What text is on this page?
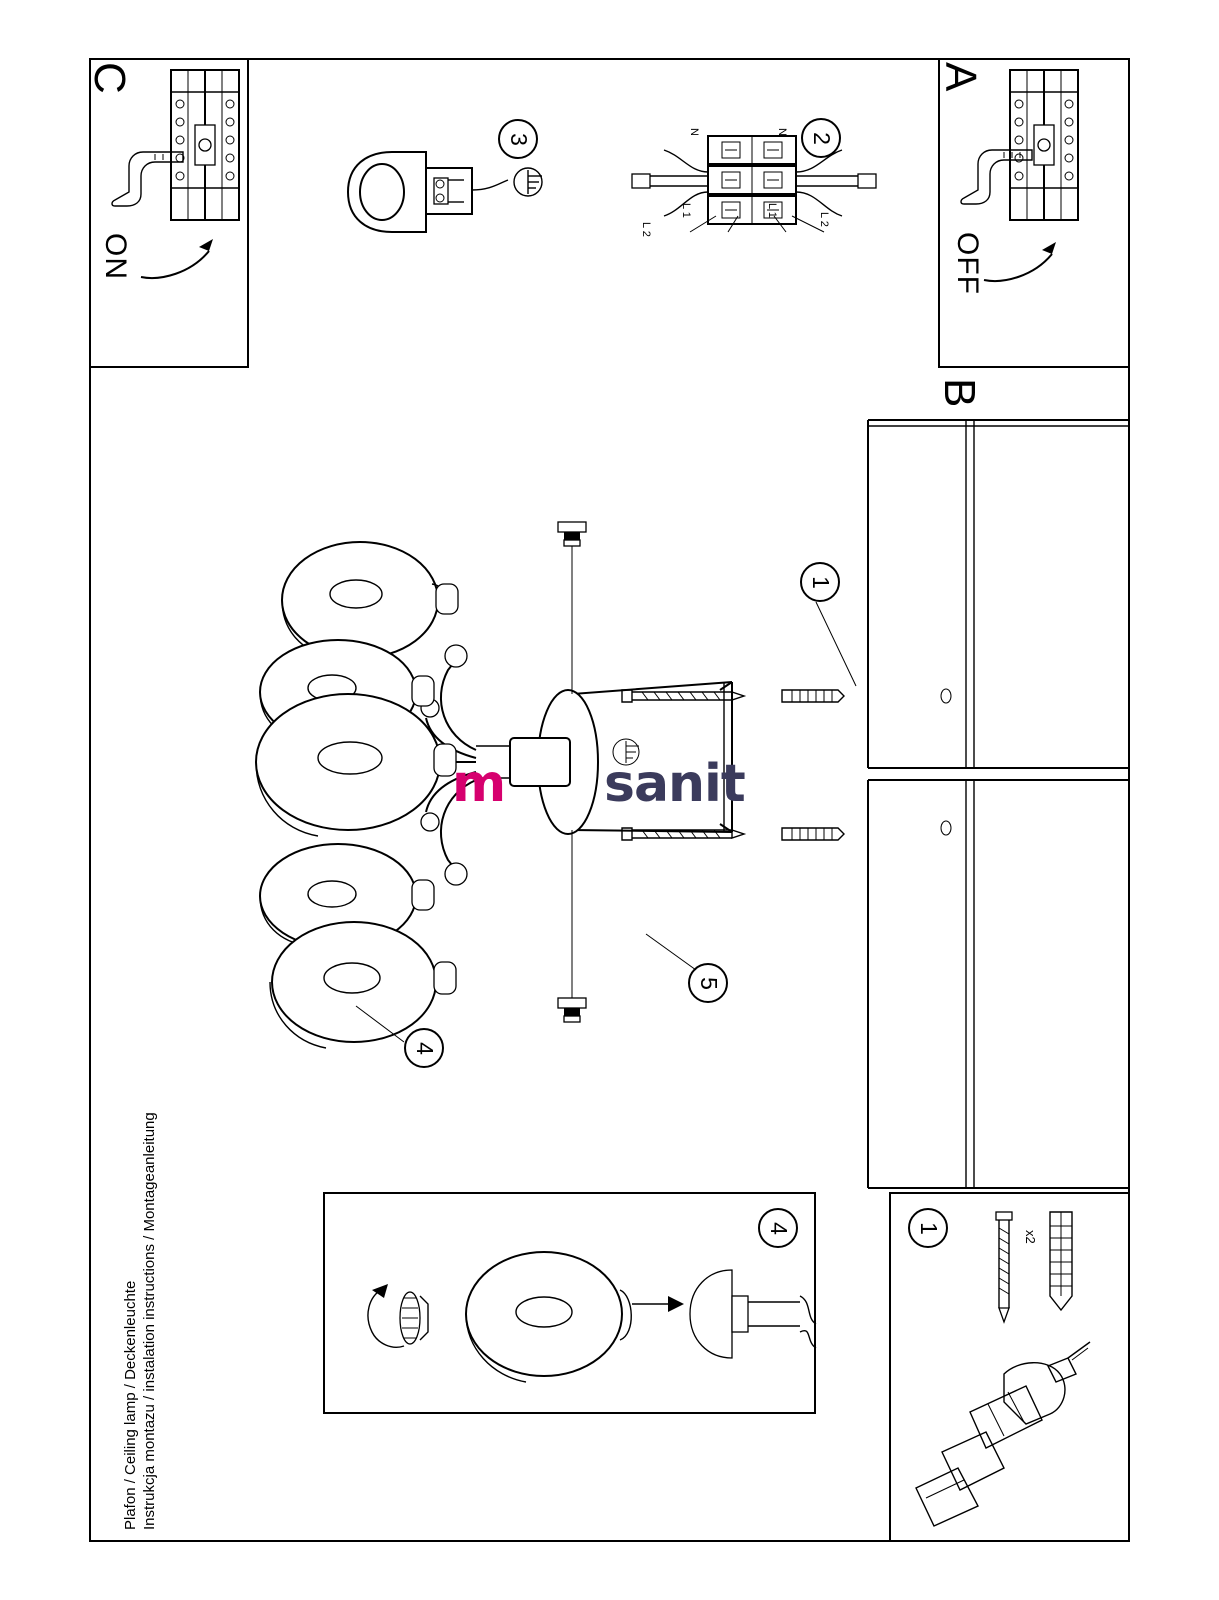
A
OFF
C
ON
3	2
N	N
L 1	L 1
L 2
L 2
B
1
4
5
m sanit
Instrukcja montazu / instalation instructions / Montageanleitung
Plafon / Ceiling lamp / Deckenleuchte
4	1
x2
